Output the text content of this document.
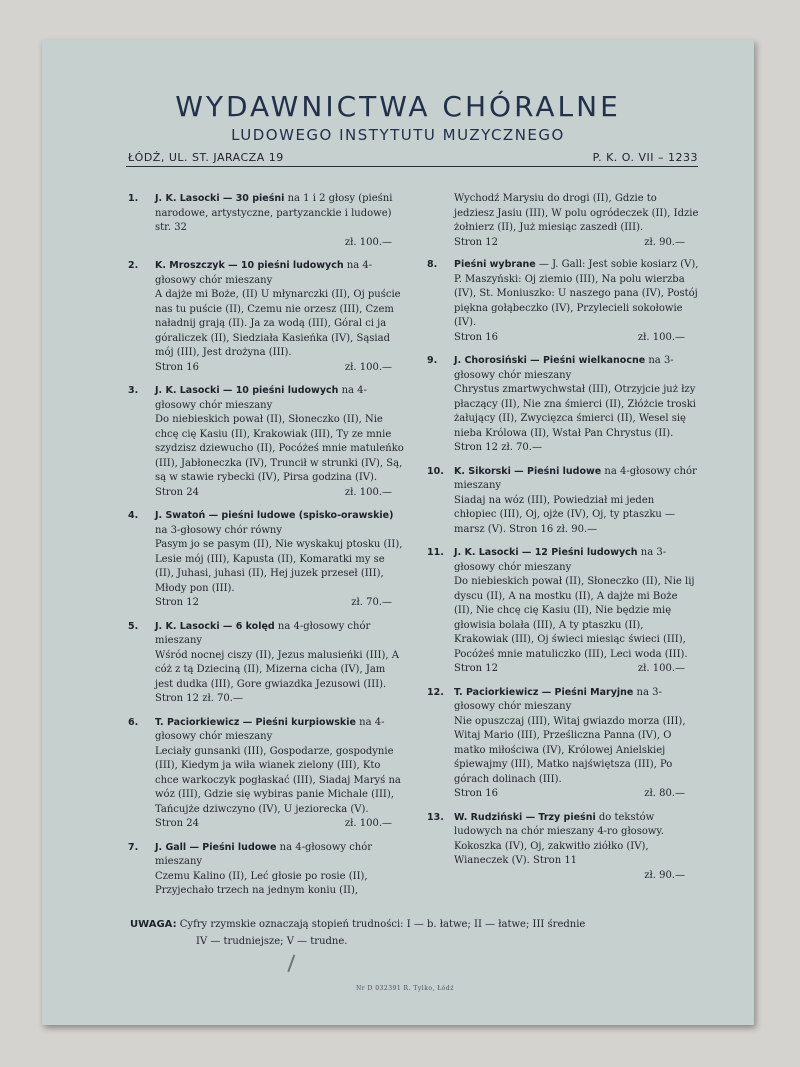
WYDAWNICTWA CHÓRALNE
LUDOWEGO INSTYTUTU MUZYCZNEGO
ŁÓDŹ, UL. ST. JARACZA 19	P. K. O. VII – 1233
1. J. K. Lasocki — 30 pieśni na 1 i 2 głosy (pieśni narodowe, artystyczne, partyzanckie i ludowe) str. 32
zł. 100.—
2. K. Mroszczyk — 10 pieśni ludowych na 4-głosowy chór mieszany
A dajże mi Boże, (II) U młynarczki (II), Oj puście nas tu puście (II), Czemu nie orzesz (III), Czem naładnij grają (II). Ja za wodą (III), Góral ci ja góraliczek (II), Siedziała Kasieńka (IV), Sąsiad mój (III), Jest drożyna (III).
Stron 16	zł. 100.—
3. J. K. Lasocki — 10 pieśni ludowych na 4-głosowy chór mieszany
Do niebieskich pował (II), Słoneczko (II), Nie chcę cię Kasiu (II), Krakowiak (III), Ty ze mnie szydzisz dziewucho (II), Pocóżeś mnie matuleńko (III), Jabłoneczka (IV), Truncił w strunki (IV), Są, są w stawie rybecki (IV), Pirsa godzina (IV).
Stron 24	zł. 100.—
4. J. Swatoń — pieśni ludowe (spisko-orawskie) na 3-głosowy chór równy
Pasym jo se pasym (II), Nie wyskakuj ptosku (II), Lesie mój (III), Kapusta (II), Komaratki my se (II), Juhasi, juhasi (II), Hej juzek przeseł (III), Młody pon (III).
Stron 12	zł. 70.—
5. J. K. Lasocki — 6 kolęd na 4-głosowy chór mieszany
Wśród nocnej ciszy (II), Jezus malusieńki (III), A cóż z tą Dzieciną (II), Mizerna cicha (IV), Jam jest dudka (III), Gore gwiazdka Jezusowi (III). Stron 12 zł. 70.—
6. T. Paciorkiewicz — Pieśni kurpiowskie na 4-głosowy chór mieszany
Leciały gunsanki (III), Gospodarze, gospodynie (III), Kiedym ja wiła wianek zielony (III), Kto chce warkoczyk pogłaskać (III), Siadaj Maryś na wóz (III), Gdzie się wybiras panie Michale (III), Tańcujże dziwczyno (IV), U jezioreckа (V).
Stron 24	zł. 100.—
7. J. Gall — Pieśni ludowe na 4-głosowy chór mieszany
Czemu Kalino (II), Leć głosie po rosie (II), Przyjechało trzech na jednym koniu (II),
Wychodź Marysiu do drogi (II), Gdzie to jedziesz Jasiu (III), W polu ogródeczek (II), Idzie żołnierz (II), Już miesiąc zaszedł (III).
Stron 12	zł. 90.—
8. Pieśni wybrane — J. Gall: Jest sobie kosiarz (V), P. Maszyński: Oj ziemio (III), Na polu wierzba (IV), St. Moniuszko: U naszego pana (IV), Postój piękna gołąbeczko (IV), Przylecieli sokołowie (IV).
Stron 16	zł. 100.—
9. J. Chorosiński — Pieśni wielkanocne na 3-głosowy chór mieszany
Chrystus zmartwychwstał (III), Otrzyjcie już łzy płaczący (II), Nie zna śmierci (II), Złóżcie troski żałujący (II), Zwycięzca śmierci (II), Wesel się nieba Królowa (II), Wstał Pan Chrystus (II). Stron 12 zł. 70.—
10. K. Sikorski — Pieśni ludowe na 4-głosowy chór mieszany
Siadaj na wóz (III), Powiedział mi jeden chłopiec (III), Oj, ojże (IV), Oj, ty ptaszku — marsz (V). Stron 16 zł. 90.—
11. J. K. Lasocki — 12 Pieśni ludowych na 3-głosowy chór mieszany
Do niebieskich pował (II), Słoneczko (II), Nie lij dyscu (II), A na mostku (II), A dajże mi Boże (II), Nie chcę cię Kasiu (II), Nie będzie mię głowisia bolała (III), A ty ptaszku (II), Krakowiak (III), Oj świeci miesiąc świeci (III), Pocóżeś mnie matuliczko (III), Leci woda (III).
Stron 12	zł. 100.—
12. T. Paciorkiewicz — Pieśni Maryjne na 3-głosowy chór mieszany
Nie opuszczaj (III), Witaj gwiazdo morza (III), Witaj Mario (III), Prześliczna Panna (IV), O matko miłościwa (IV), Królowej Anielskiej śpiewajmy (III), Matko najświętsza (III), Po górach dolinach (III).
Stron 16	zł. 80.—
13. W. Rudziński — Trzy pieśni do tekstów ludowych na chór mieszany 4-ro głosowy.
Kokoszka (IV), Oj, zakwitło ziółko (IV), Wianeczek (V). Stron 11
zł. 90.—
UWAGA: Cyfry rzymskie oznaczają stopień trudności: I — b. łatwe; II — łatwe; III średnie
IV — trudniejsze; V — trudne.
Nr D 032391 R. Tylko, Łódź
